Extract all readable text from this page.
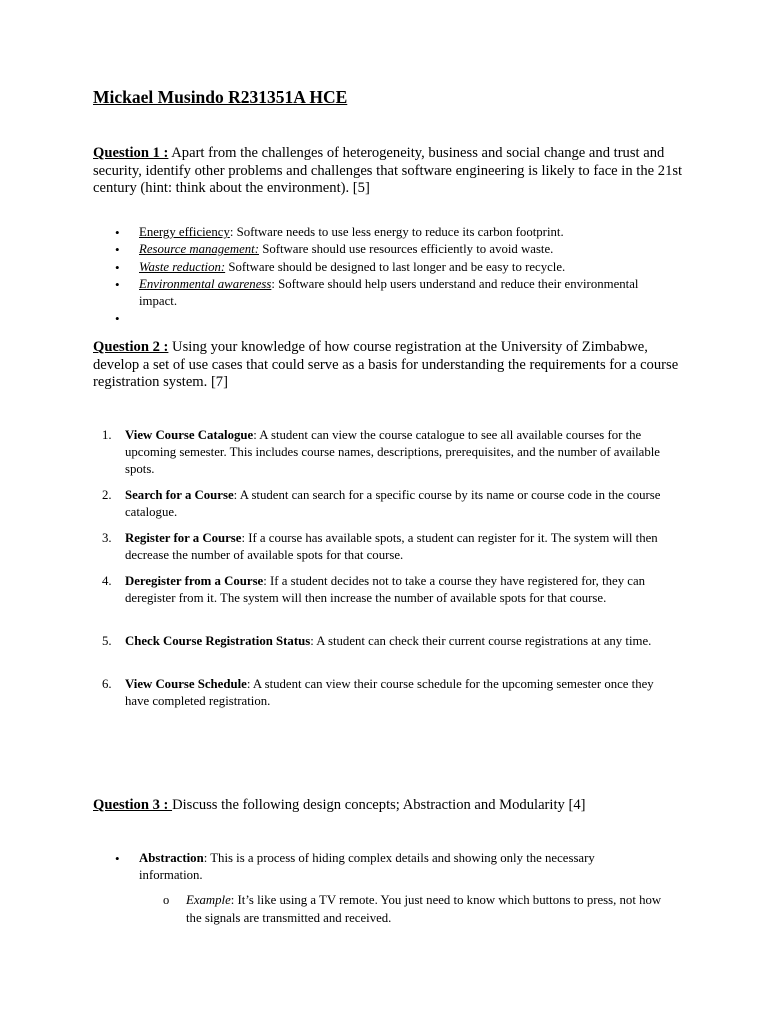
Mickael Musindo R231351A HCE
Question 1 : Apart from the challenges of heterogeneity, business and social change and trust and security, identify other problems and challenges that software engineering is likely to face in the 21st century (hint: think about the environment). [5]
• Energy efficiency: Software needs to use less energy to reduce its carbon footprint.
• Resource management: Software should use resources efficiently to avoid waste.
• Waste reduction: Software should be designed to last longer and be easy to recycle.
• Environmental awareness: Software should help users understand and reduce their environmental impact.
•
Question 2 : Using your knowledge of how course registration at the University of Zimbabwe, develop a set of use cases that could serve as a basis for understanding the requirements for a course registration system. [7]
1. View Course Catalogue: A student can view the course catalogue to see all available courses for the upcoming semester. This includes course names, descriptions, prerequisites, and the number of available spots.
2. Search for a Course: A student can search for a specific course by its name or course code in the course catalogue.
3. Register for a Course: If a course has available spots, a student can register for it. The system will then decrease the number of available spots for that course.
4. Deregister from a Course: If a student decides not to take a course they have registered for, they can deregister from it. The system will then increase the number of available spots for that course.
5. Check Course Registration Status: A student can check their current course registrations at any time.
6. View Course Schedule: A student can view their course schedule for the upcoming semester once they have completed registration.
Question 3 : Discuss the following design concepts; Abstraction and Modularity [4]
• Abstraction: This is a process of hiding complex details and showing only the necessary information.
o Example: It’s like using a TV remote. You just need to know which buttons to press, not how the signals are transmitted and received.
